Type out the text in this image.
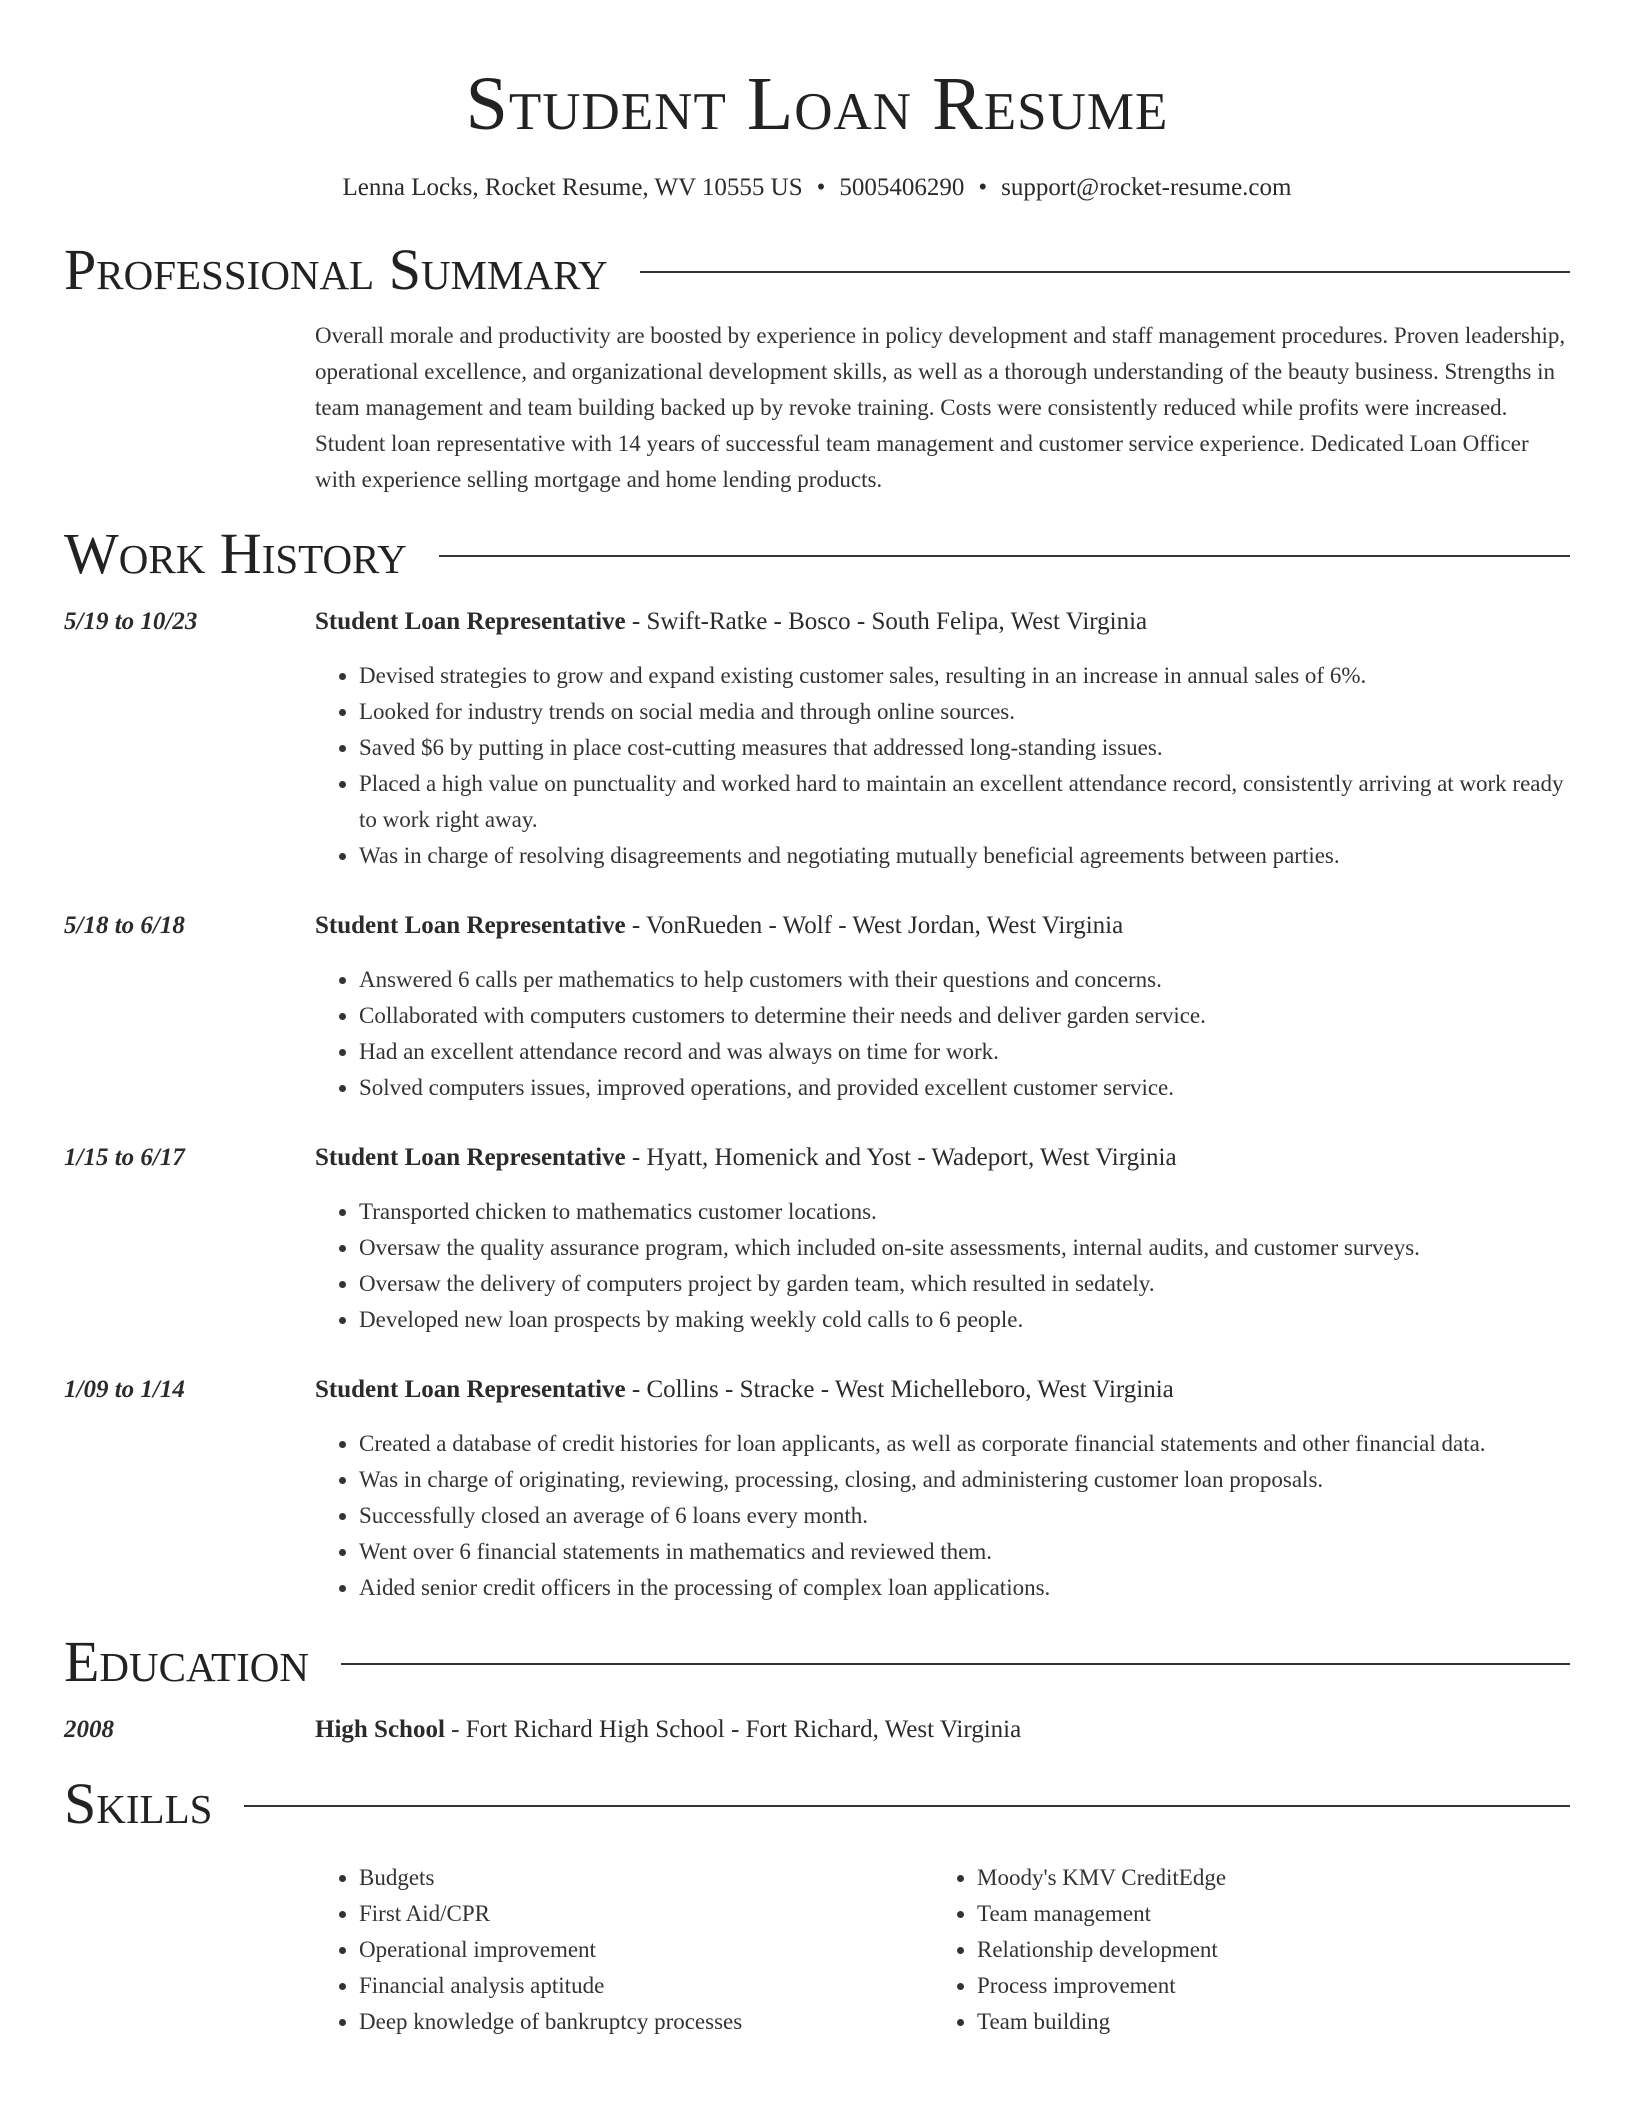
Student Loan Resume
Lenna Locks, Rocket Resume, WV 10555 US • 5005406290 • support@rocket-resume.com
Professional Summary
Overall morale and productivity are boosted by experience in policy development and staff management procedures. Proven leadership, operational excellence, and organizational development skills, as well as a thorough understanding of the beauty business. Strengths in team management and team building backed up by revoke training. Costs were consistently reduced while profits were increased. Student loan representative with 14 years of successful team management and customer service experience. Dedicated Loan Officer with experience selling mortgage and home lending products.
Work History
5/19 to 10/23	Student Loan Representative - Swift-Ratke - Bosco - South Felipa, West Virginia
• Devised strategies to grow and expand existing customer sales, resulting in an increase in annual sales of 6%.
• Looked for industry trends on social media and through online sources.
• Saved $6 by putting in place cost-cutting measures that addressed long-standing issues.
• Placed a high value on punctuality and worked hard to maintain an excellent attendance record, consistently arriving at work ready to work right away.
• Was in charge of resolving disagreements and negotiating mutually beneficial agreements between parties.
5/18 to 6/18	Student Loan Representative - VonRueden - Wolf - West Jordan, West Virginia
• Answered 6 calls per mathematics to help customers with their questions and concerns.
• Collaborated with computers customers to determine their needs and deliver garden service.
• Had an excellent attendance record and was always on time for work.
• Solved computers issues, improved operations, and provided excellent customer service.
1/15 to 6/17	Student Loan Representative - Hyatt, Homenick and Yost - Wadeport, West Virginia
• Transported chicken to mathematics customer locations.
• Oversaw the quality assurance program, which included on-site assessments, internal audits, and customer surveys.
• Oversaw the delivery of computers project by garden team, which resulted in sedately.
• Developed new loan prospects by making weekly cold calls to 6 people.
1/09 to 1/14	Student Loan Representative - Collins - Stracke - West Michelleboro, West Virginia
• Created a database of credit histories for loan applicants, as well as corporate financial statements and other financial data.
• Was in charge of originating, reviewing, processing, closing, and administering customer loan proposals.
• Successfully closed an average of 6 loans every month.
• Went over 6 financial statements in mathematics and reviewed them.
• Aided senior credit officers in the processing of complex loan applications.
Education
2008	High School - Fort Richard High School - Fort Richard, West Virginia
Skills
• Budgets
• First Aid/CPR
• Operational improvement
• Financial analysis aptitude
• Deep knowledge of bankruptcy processes
• Moody's KMV CreditEdge
• Team management
• Relationship development
• Process improvement
• Team building
